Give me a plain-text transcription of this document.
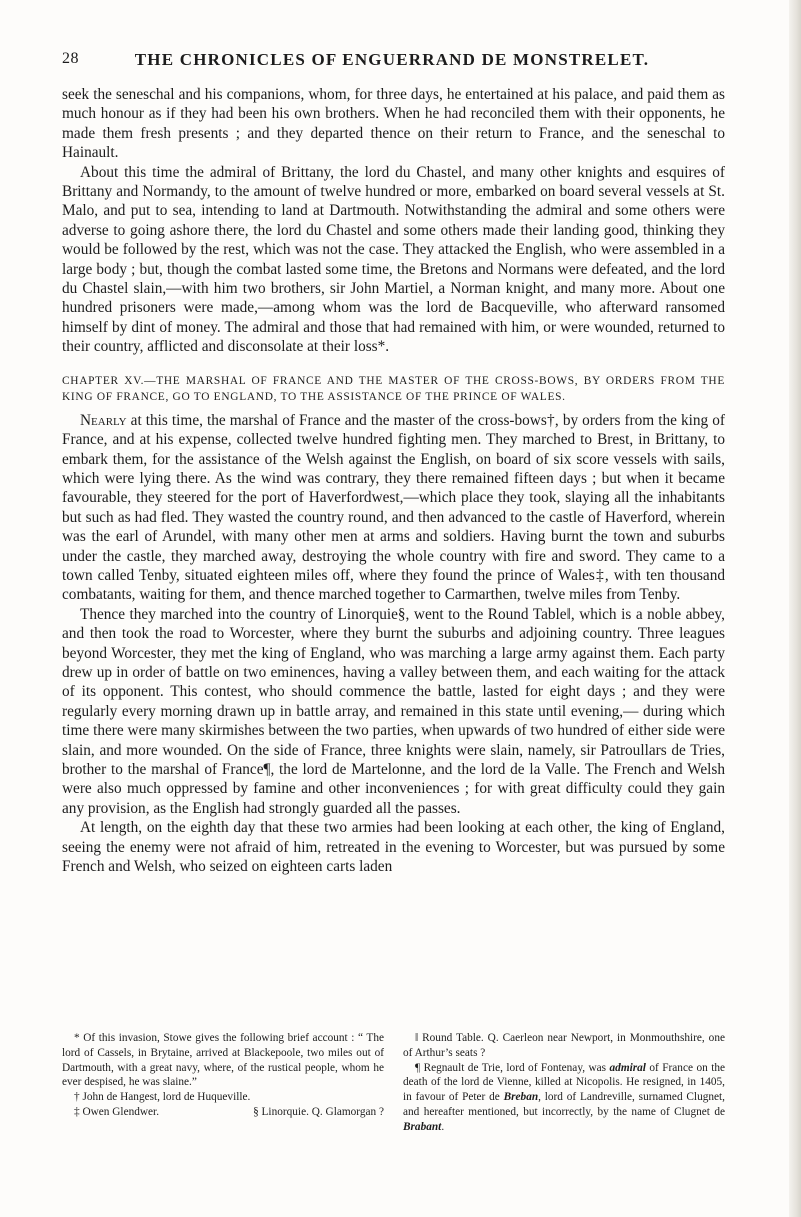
28	THE CHRONICLES OF ENGUERRAND DE MONSTRELET.

seek the seneschal and his companions, whom, for three days, he entertained at his palace, and paid them as much honour as if they had been his own brothers. When he had reconciled them with their opponents, he made them fresh presents ; and they departed thence on their return to France, and the seneschal to Hainault.

About this time the admiral of Brittany, the lord du Chastel, and many other knights and esquires of Brittany and Normandy, to the amount of twelve hundred or more, embarked on board several vessels at St. Malo, and put to sea, intending to land at Dartmouth. Notwithstanding the admiral and some others were adverse to going ashore there, the lord du Chastel and some others made their landing good, thinking they would be followed by the rest, which was not the case. They attacked the English, who were assembled in a large body ; but, though the combat lasted some time, the Bretons and Normans were defeated, and the lord du Chastel slain,—with him two brothers, sir John Martiel, a Norman knight, and many more. About one hundred prisoners were made,—among whom was the lord de Bacqueville, who afterward ransomed himself by dint of money. The admiral and those that had remained with him, or were wounded, returned to their country, afflicted and disconsolate at their loss*.

CHAPTER XV.—THE MARSHAL OF FRANCE AND THE MASTER OF THE CROSS-BOWS, BY ORDERS FROM THE KING OF FRANCE, GO TO ENGLAND, TO THE ASSISTANCE OF THE PRINCE OF WALES.

Nearly at this time, the marshal of France and the master of the cross-bows†, by orders from the king of France, and at his expense, collected twelve hundred fighting men. They marched to Brest, in Brittany, to embark them, for the assistance of the Welsh against the English, on board of six score vessels with sails, which were lying there. As the wind was contrary, they there remained fifteen days ; but when it became favourable, they steered for the port of Haverfordwest,—which place they took, slaying all the inhabitants but such as had fled. They wasted the country round, and then advanced to the castle of Haverford, wherein was the earl of Arundel, with many other men at arms and soldiers. Having burnt the town and suburbs under the castle, they marched away, destroying the whole country with fire and sword. They came to a town called Tenby, situated eighteen miles off, where they found the prince of Wales‡, with ten thousand combatants, waiting for them, and thence marched together to Carmarthen, twelve miles from Tenby.

Thence they marched into the country of Linorquie§, went to the Round Table‖, which is a noble abbey, and then took the road to Worcester, where they burnt the suburbs and adjoining country. Three leagues beyond Worcester, they met the king of England, who was marching a large army against them. Each party drew up in order of battle on two eminences, having a valley between them, and each waiting for the attack of its opponent. This contest, who should commence the battle, lasted for eight days ; and they were regularly every morning drawn up in battle array, and remained in this state until evening,— during which time there were many skirmishes between the two parties, when upwards of two hundred of either side were slain, and more wounded. On the side of France, three knights were slain, namely, sir Patroullars de Tries, brother to the marshal of France¶, the lord de Martelonne, and the lord de la Valle. The French and Welsh were also much oppressed by famine and other inconveniences ; for with great difficulty could they gain any provision, as the English had strongly guarded all the passes.

At length, on the eighth day that these two armies had been looking at each other, the king of England, seeing the enemy were not afraid of him, retreated in the evening to Worcester, but was pursued by some French and Welsh, who seized on eighteen carts laden

* Of this invasion, Stowe gives the following brief account : “ The lord of Cassels, in Brytaine, arrived at Blackepoole, two miles out of Dartmouth, with a great navy, where, of the rustical people, whom he ever despised, he was slaine.”

† John de Hangest, lord de Huqueville.

‡ Owen Glendwer.	§ Linorquie. Q. Glamorgan ?

‖ Round Table. Q. Caerleon near Newport, in Monmouthshire, one of Arthur’s seats ?

¶ Regnault de Trie, lord of Fontenay, was admiral of France on the death of the lord de Vienne, killed at Nicopolis. He resigned, in 1405, in favour of Peter de Breban, lord of Landreville, surnamed Clugnet, and hereafter mentioned, but incorrectly, by the name of Clugnet de Brabant.
